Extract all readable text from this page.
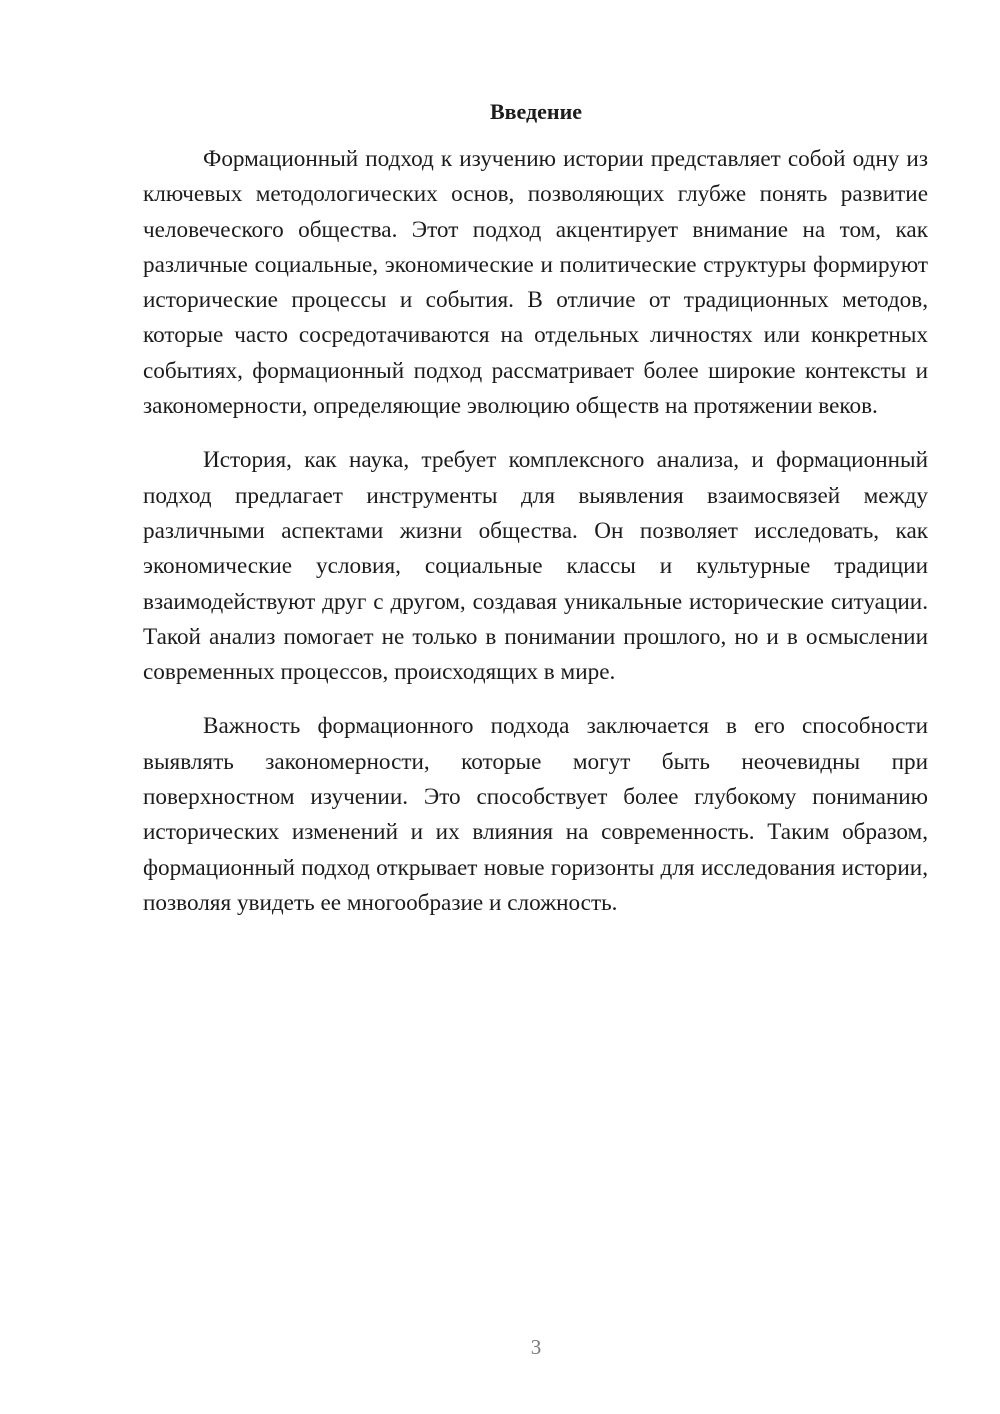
Введение

Формационный подход к изучению истории представляет собой одну из ключевых методологических основ, позволяющих глубже понять развитие человеческого общества. Этот подход акцентирует внимание на том, как различные социальные, экономические и политические структуры формируют исторические процессы и события. В отличие от традиционных методов, которые часто сосредотачиваются на отдельных личностях или конкретных событиях, формационный подход рассматривает более широкие контексты и закономерности, определяющие эволюцию обществ на протяжении веков.

История, как наука, требует комплексного анализа, и формационный подход предлагает инструменты для выявления взаимосвязей между различными аспектами жизни общества. Он позволяет исследовать, как экономические условия, социальные классы и культурные традиции взаимодействуют друг с другом, создавая уникальные исторические ситуации. Такой анализ помогает не только в понимании прошлого, но и в осмыслении современных процессов, происходящих в мире.

Важность формационного подхода заключается в его способности выявлять закономерности, которые могут быть неочевидны при поверхностном изучении. Это способствует более глубокому пониманию исторических изменений и их влияния на современность. Таким образом, формационный подход открывает новые горизонты для исследования истории, позволяя увидеть ее многообразие и сложность.

3
